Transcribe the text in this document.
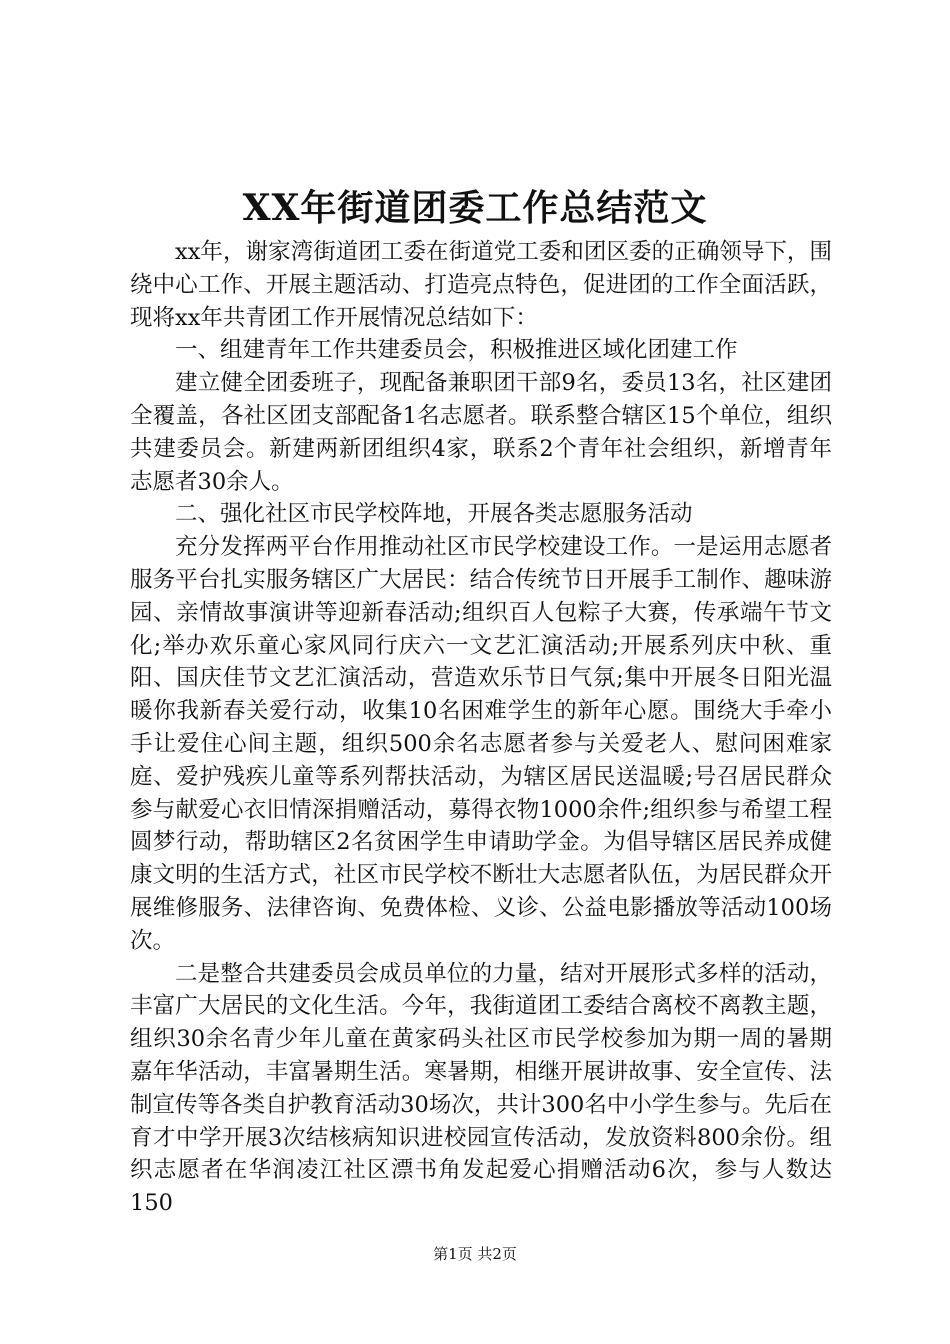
XX年街道团委工作总结范文

xx年，谢家湾街道团工委在街道党工委和团区委的正确领导下，围绕中心工作、开展主题活动、打造亮点特色，促进团的工作全面活跃，现将xx年共青团工作开展情况总结如下：

一、组建青年工作共建委员会，积极推进区域化团建工作

建立健全团委班子，现配备兼职团干部9名，委员13名，社区建团全覆盖，各社区团支部配备1名志愿者。联系整合辖区15个单位，组织共建委员会。新建两新团组织4家，联系2个青年社会组织，新增青年志愿者30余人。

二、强化社区市民学校阵地，开展各类志愿服务活动

充分发挥两平台作用推动社区市民学校建设工作。一是运用志愿者服务平台扎实服务辖区广大居民：结合传统节日开展手工制作、趣味游园、亲情故事演讲等迎新春活动;组织百人包粽子大赛，传承端午节文化;举办欢乐童心家风同行庆六一文艺汇演活动;开展系列庆中秋、重阳、国庆佳节文艺汇演活动，营造欢乐节日气氛;集中开展冬日阳光温暖你我新春关爱行动，收集10名困难学生的新年心愿。围绕大手牵小手让爱住心间主题，组织500余名志愿者参与关爱老人、慰问困难家庭、爱护残疾儿童等系列帮扶活动，为辖区居民送温暖;号召居民群众参与献爱心衣旧情深捐赠活动，募得衣物1000余件;组织参与希望工程圆梦行动，帮助辖区2名贫困学生申请助学金。为倡导辖区居民养成健康文明的生活方式，社区市民学校不断壮大志愿者队伍，为居民群众开展维修服务、法律咨询、免费体检、义诊、公益电影播放等活动100场次。

二是整合共建委员会成员单位的力量，结对开展形式多样的活动，丰富广大居民的文化生活。今年，我街道团工委结合离校不离教主题，组织30余名青少年儿童在黄家码头社区市民学校参加为期一周的暑期嘉年华活动，丰富暑期生活。寒暑期，相继开展讲故事、安全宣传、法制宣传等各类自护教育活动30场次，共计300名中小学生参与。先后在育才中学开展3次结核病知识进校园宣传活动，发放资料800余份。组织志愿者在华润凌江社区漂书角发起爱心捐赠活动6次，参与人数达150

第1页 共2页
